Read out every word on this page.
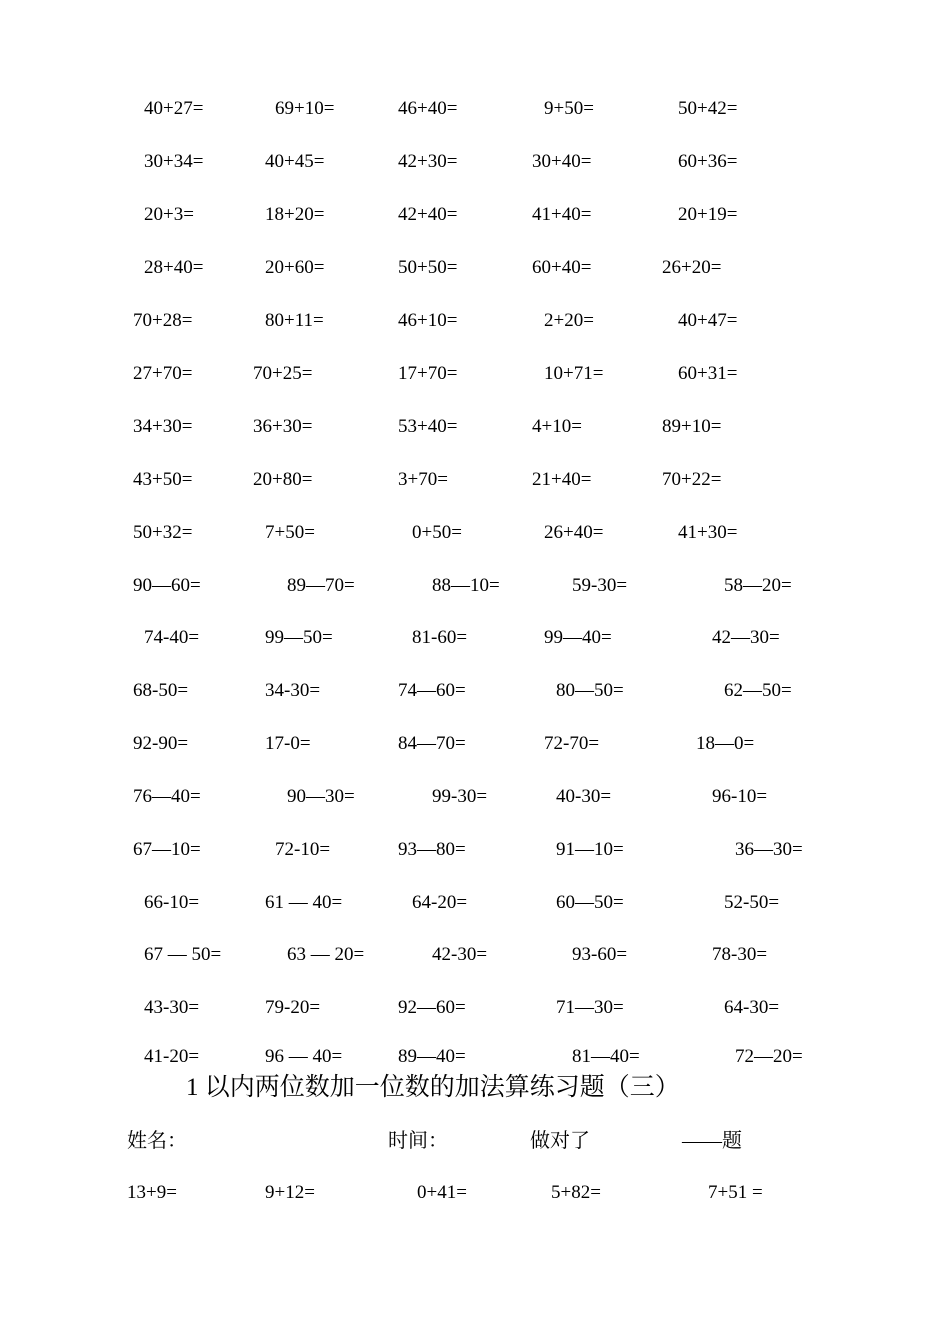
40+27=	69+10=	46+40=	9+50=	50+42=
30+34=	40+45=	42+30=	30+40=	60+36=
20+3=	18+20=	42+40=	41+40=	20+19=
28+40=	20+60=	50+50=	60+40=	26+20=
70+28=	80+11=	46+10=	2+20=	40+47=
27+70=	70+25=	17+70=	10+71=	60+31=
34+30=	36+30=	53+40=	4+10=	89+10=
43+50=	20+80=	3+70=	21+40=	70+22=
50+32=	7+50=	0+50=	26+40=	41+30=
90—60=	89—70=	88—10=	59-30=	58—20=
74-40=	99—50=	81-60=	99—40=	42—30=
68-50=	34-30=	74—60=	80—50=	62—50=
92-90=	17-0=	84—70=	72-70=	18—0=
76—40=	90—30=	99-30=	40-30=	96-10=
67—10=	72-10=	93—80=	91—10=	36—30=
66-10=	61 — 40=	64-20=	60—50=	52-50=
67 — 50=	63 — 20=	42-30=	93-60=	78-30=
43-30=	79-20=	92—60=	71—30=	64-30=
41-20=	96 — 40=	89—40=	81—40=	72—20=
1 以内两位数加一位数的加法算练习题（三）
姓名：	时间：	做对了	——题
13+9=	9+12=	0+41=	5+82=	7+51 =
